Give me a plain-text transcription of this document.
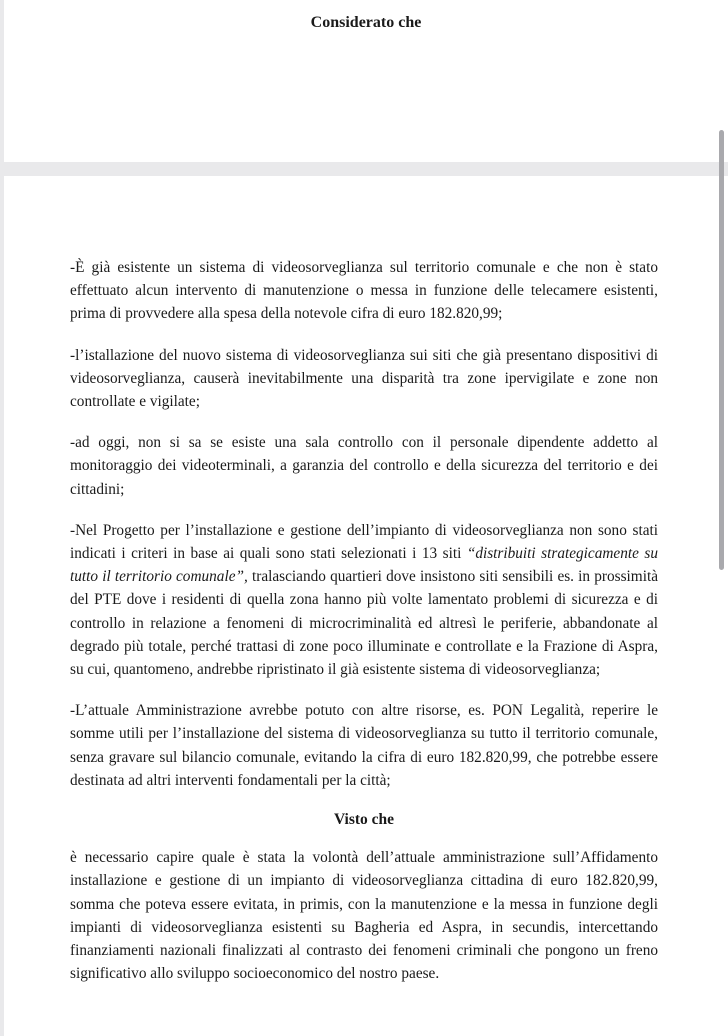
Considerato che

-È già esistente un sistema di videosorveglianza sul territorio comunale e che non è stato effettuato alcun intervento di manutenzione o messa in funzione delle telecamere esistenti, prima di provvedere alla spesa della notevole cifra di euro 182.820,99;

-l’istallazione del nuovo sistema di videosorveglianza sui siti che già presentano dispositivi di videosorveglianza, causerà inevitabilmente una disparità tra zone ipervigilate e zone non controllate e vigilate;

-ad oggi, non si sa se esiste una sala controllo con il personale dipendente addetto al monitoraggio dei videoterminali, a garanzia del controllo e della sicurezza del territorio e dei cittadini;

-Nel Progetto per l’installazione e gestione dell’impianto di videosorveglianza non sono stati indicati i criteri in base ai quali sono stati selezionati i 13 siti “distribuiti strategicamente su tutto il territorio comunale”, tralasciando quartieri dove insistono siti sensibili es. in prossimità del PTE dove i residenti di quella zona hanno più volte lamentato problemi di sicurezza e di controllo in relazione a fenomeni di microcriminalità ed altresì le periferie, abbandonate al degrado più totale, perché trattasi di zone poco illuminate e controllate e la Frazione di Aspra, su cui, quantomeno, andrebbe ripristinato il già esistente sistema di videosorveglianza;

-L’attuale Amministrazione avrebbe potuto con altre risorse, es. PON Legalità, reperire le somme utili per l’installazione del sistema di videosorveglianza su tutto il territorio comunale, senza gravare sul bilancio comunale, evitando la cifra di euro 182.820,99, che potrebbe essere destinata ad altri interventi fondamentali per la città;

Visto che

è necessario capire quale è stata la volontà dell’attuale amministrazione sull’Affidamento installazione e gestione di un impianto di videosorveglianza cittadina di euro 182.820,99, somma che poteva essere evitata, in primis, con la manutenzione e la messa in funzione degli impianti di videosorveglianza esistenti su Bagheria ed Aspra, in secundis, intercettando finanziamenti nazionali finalizzati al contrasto dei fenomeni criminali che pongono un freno significativo allo sviluppo socioeconomico del nostro paese.
